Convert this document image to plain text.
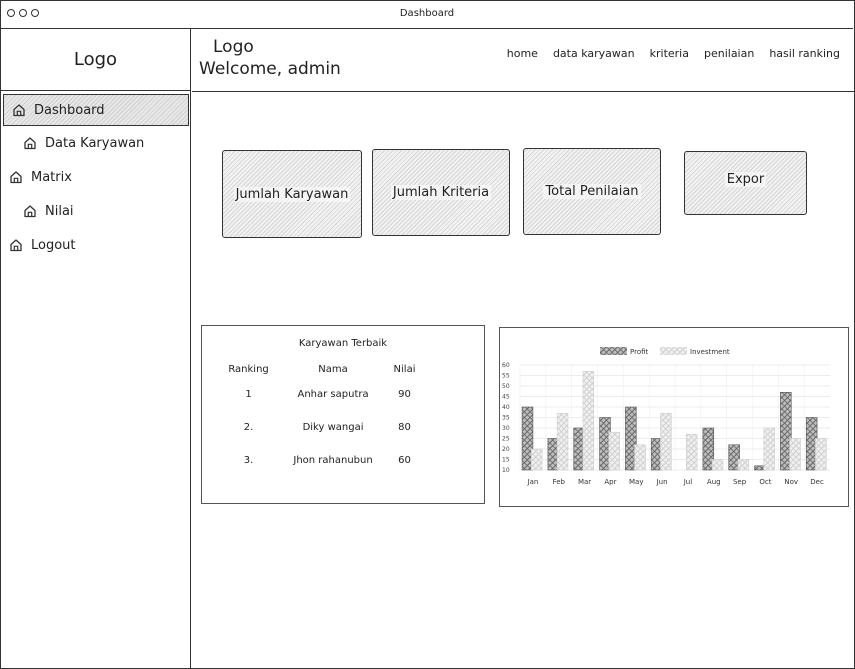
Dashboard
Logo
Dashboard
Data Karyawan
Matrix
Nilai
Logout
Logo
Welcome, admin
home data karyawan kriteria penilaian hasil ranking
Jumlah Karyawan	Jumlah Kriteria	Total Penilaian
Expor
Karyawan Terbaik
Ranking	Nama	Nilai
1	Anhar saputra	90
2.	Diky wangai	80
3.	Jhon rahanubun	60
60
55
50
45
40
35
30
25
20
15
10
Jan Feb Mar Apr May Jun Jul Aug Sep Oct Nov Dec
Profit	Investment
